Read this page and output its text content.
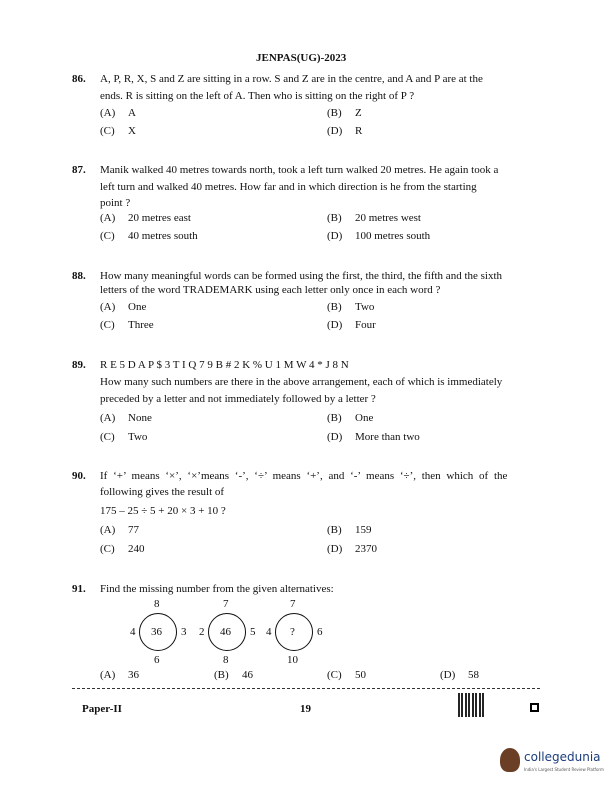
JENPAS(UG)-2023
86. A, P, R, X, S and Z are sitting in a row. S and Z are in the centre, and A and P are at the
ends. R is sitting on the left of A. Then who is sitting on the right of P ?
(A) A	(B) Z
(C) X	(D) R
87. Manik walked 40 metres towards north, took a left turn walked 20 metres. He again took a
left turn and walked 40 metres. How far and in which direction is he from the starting
point ?
(A) 20 metres east	(B) 20 metres west
(C) 40 metres south	(D) 100 metres south
88. How many meaningful words can be formed using the first, the third, the fifth and the sixth
letters of the word TRADEMARK using each letter only once in each word ?
(A) One	(B) Two
(C) Three	(D) Four
89. R E 5 D A P $ 3 T I Q 7 9 B # 2 K % U 1 M W 4 * J 8 N
How many such numbers are there in the above arrangement, each of which is immediately
preceded by a letter and not immediately followed by a letter ?
(A) None	(B) One
(C) Two	(D) More than two
90. If ‘+’ means ‘×’, ‘×’means ‘-’, ‘÷’ means ‘+’, and ‘-’ means ‘÷’, then which of the
following gives the result of
175 – 25 ÷ 5 + 20 × 3 + 10 ?
(A) 77	(B) 159
(C) 240	(D) 2370
91. Find the missing number from the given alternatives:
8
4 36 3
6
7
2 46 5
8
7
4 ? 6
10
(A) 36	(B) 46	(C) 50	(D) 58
Paper-II	19
collegedunia
India's Largest Student Review Platform
